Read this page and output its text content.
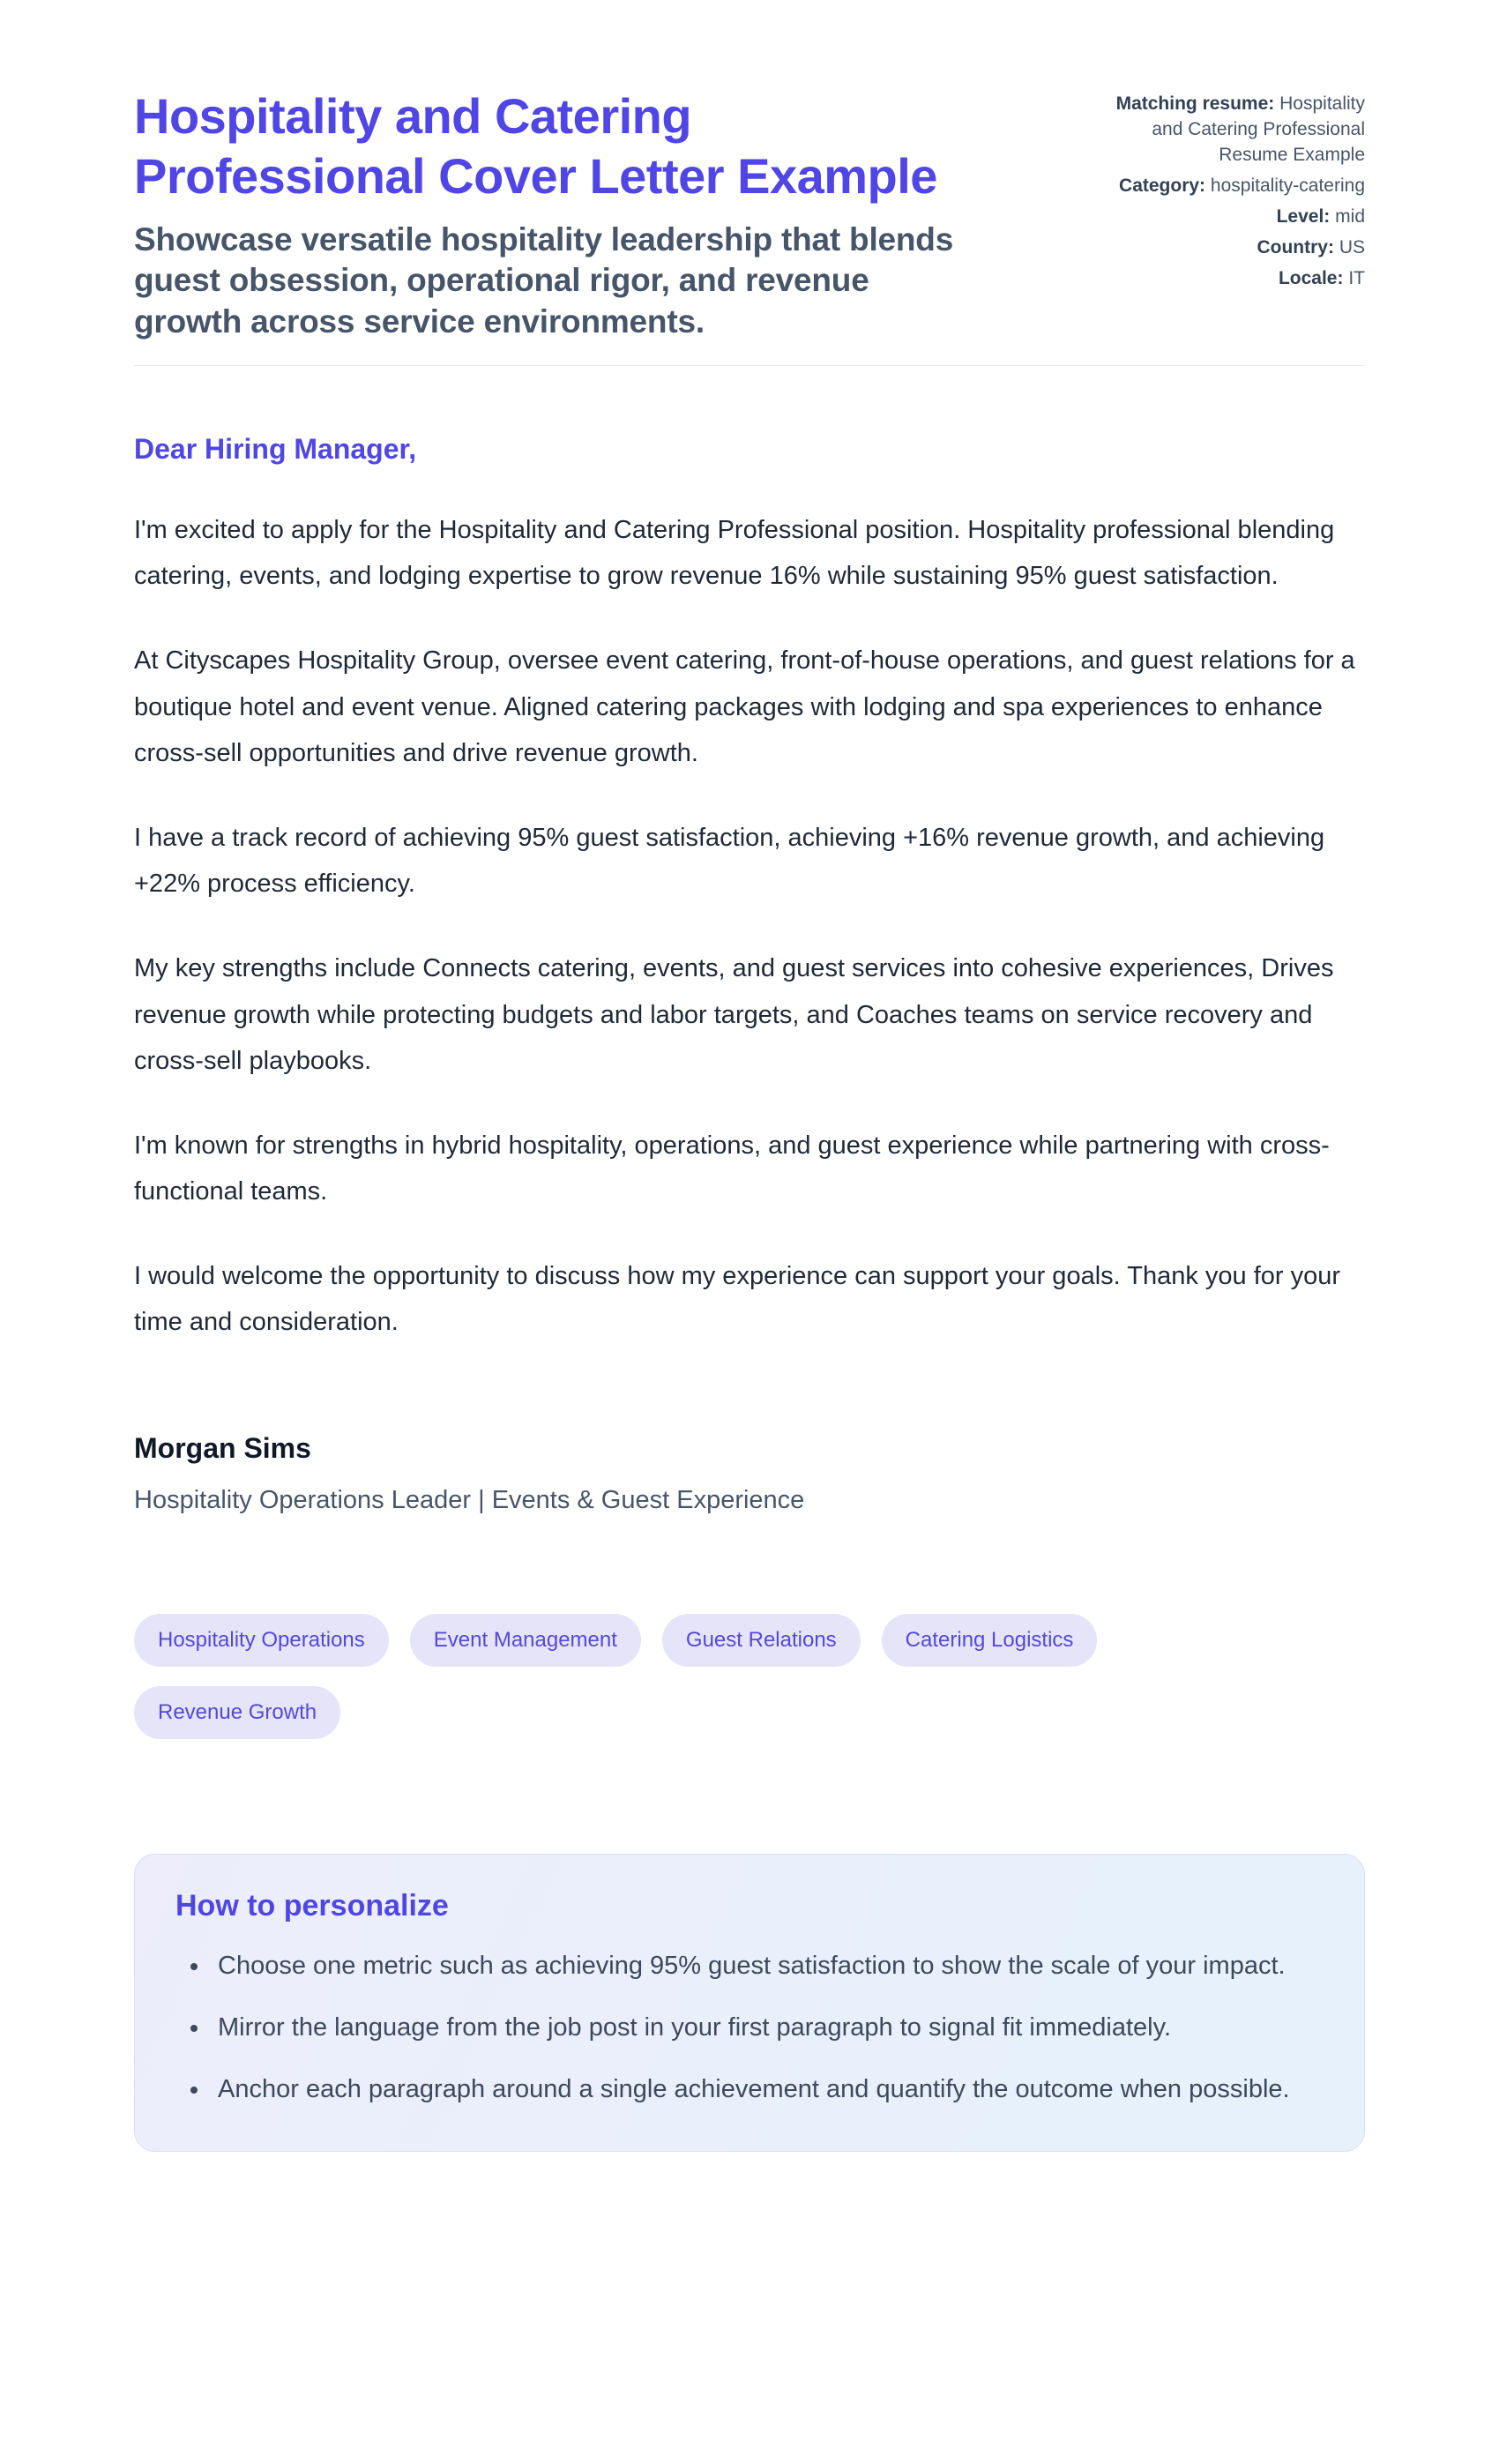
Hospitality and Catering Professional Cover Letter Example

Showcase versatile hospitality leadership that blends guest obsession, operational rigor, and revenue growth across service environments.

Matching resume: Hospitality and Catering Professional Resume Example
Category: hospitality-catering
Level: mid
Country: US
Locale: IT

Dear Hiring Manager,

I'm excited to apply for the Hospitality and Catering Professional position. Hospitality professional blending catering, events, and lodging expertise to grow revenue 16% while sustaining 95% guest satisfaction.

At Cityscapes Hospitality Group, oversee event catering, front-of-house operations, and guest relations for a boutique hotel and event venue. Aligned catering packages with lodging and spa experiences to enhance cross-sell opportunities and drive revenue growth.

I have a track record of achieving 95% guest satisfaction, achieving +16% revenue growth, and achieving +22% process efficiency.

My key strengths include Connects catering, events, and guest services into cohesive experiences, Drives revenue growth while protecting budgets and labor targets, and Coaches teams on service recovery and cross-sell playbooks.

I'm known for strengths in hybrid hospitality, operations, and guest experience while partnering with cross-functional teams.

I would welcome the opportunity to discuss how my experience can support your goals. Thank you for your time and consideration.

Morgan Sims

Hospitality Operations Leader | Events & Guest Experience

Hospitality Operations	Event Management	Guest Relations	Catering Logistics
Revenue Growth
How to personalize
• Choose one metric such as achieving 95% guest satisfaction to show the scale of your impact.
• Mirror the language from the job post in your first paragraph to signal fit immediately.
• Anchor each paragraph around a single achievement and quantify the outcome when possible.
